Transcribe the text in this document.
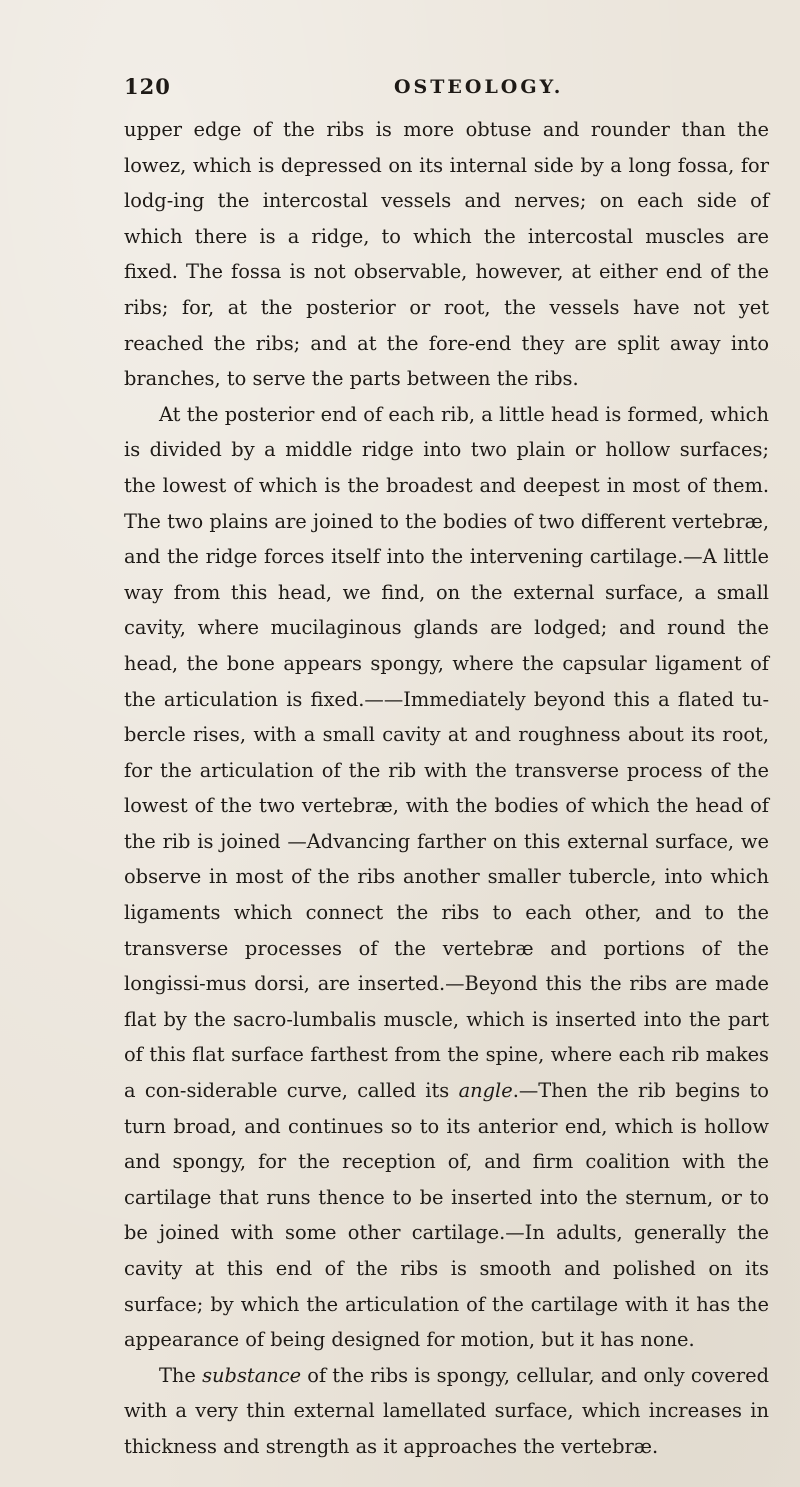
120	OSTEOLOGY.

upper edge of the ribs is more obtuse and rounder than the lowez, which is depressed on its internal side by a long fossa, for lodg-ing the intercostal vessels and nerves; on each side of which there is a ridge, to which the intercostal muscles are fixed. The fossa is not observable, however, at either end of the ribs; for, at the posterior or root, the vessels have not yet reached the ribs; and at the fore-end they are split away into branches, to serve the parts between the ribs.

At the posterior end of each rib, a little head is formed, which is divided by a middle ridge into two plain or hollow surfaces; the lowest of which is the broadest and deepest in most of them. The two plains are joined to the bodies of two different vertebræ, and the ridge forces itself into the intervening cartilage.—A little way from this head, we find, on the external surface, a small cavity, where mucilaginous glands are lodged; and round the head, the bone appears spongy, where the capsular ligament of the articulation is fixed.——Immediately beyond this a flated tu-bercle rises, with a small cavity at and roughness about its root, for the articulation of the rib with the transverse process of the lowest of the two vertebræ, with the bodies of which the head of the rib is joined —Advancing farther on this external surface, we observe in most of the ribs another smaller tubercle, into which ligaments which connect the ribs to each other, and to the transverse processes of the vertebræ and portions of the longissi-mus dorsi, are inserted.—Beyond this the ribs are made flat by the sacro-lumbalis muscle, which is inserted into the part of this flat surface farthest from the spine, where each rib makes a con-siderable curve, called its angle.—Then the rib begins to turn broad, and continues so to its anterior end, which is hollow and spongy, for the reception of, and firm coalition with the cartilage that runs thence to be inserted into the sternum, or to be joined with some other cartilage.—In adults, generally the cavity at this end of the ribs is smooth and polished on its surface; by which the articulation of the cartilage with it has the appearance of being designed for motion, but it has none.

The substance of the ribs is spongy, cellular, and only covered with a very thin external lamellated surface, which increases in thickness and strength as it approaches the vertebræ.
